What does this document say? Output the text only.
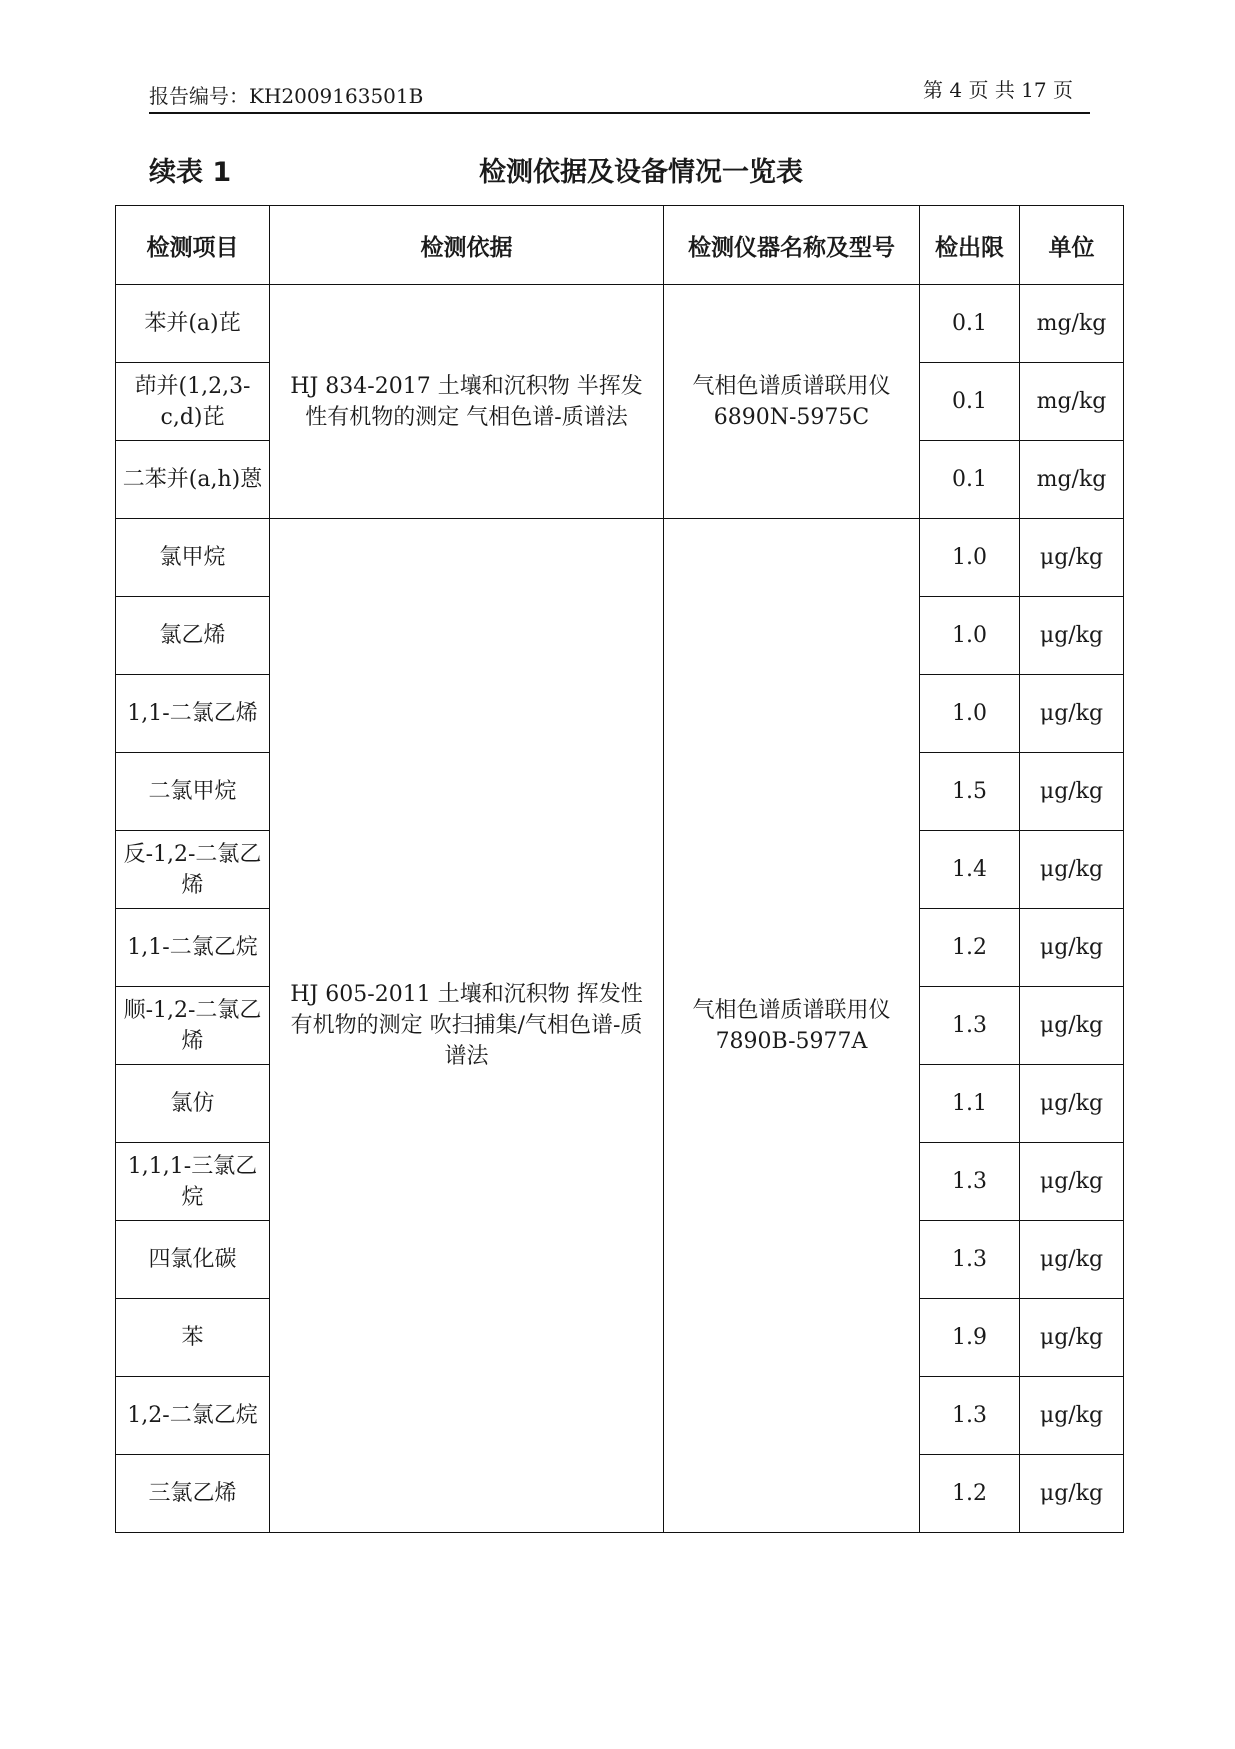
报告编号：KH2009163501B	第 4 页 共 17 页
续表 1	检测依据及设备情况一览表
检测项目	检测依据	检测仪器名称及型号	检出限	单位
苯并(a)芘	HJ 834-2017 土壤和沉积物 半挥发性有机物的测定 气相色谱-质谱法	气相色谱质谱联用仪 6890N-5975C	0.1	mg/kg
茚并(1,2,3-c,d)芘			0.1	mg/kg
二苯并(a,h)蒽			0.1	mg/kg
氯甲烷	HJ 605-2011 土壤和沉积物 挥发性有机物的测定 吹扫捕集/气相色谱-质谱法	气相色谱质谱联用仪 7890B-5977A	1.0	μg/kg
氯乙烯			1.0	μg/kg
1,1-二氯乙烯			1.0	μg/kg
二氯甲烷			1.5	μg/kg
反-1,2-二氯乙烯			1.4	μg/kg
1,1-二氯乙烷			1.2	μg/kg
顺-1,2-二氯乙烯			1.3	μg/kg
氯仿			1.1	μg/kg
1,1,1-三氯乙烷			1.3	μg/kg
四氯化碳			1.3	μg/kg
苯			1.9	μg/kg
1,2-二氯乙烷			1.3	μg/kg
三氯乙烯			1.2	μg/kg
